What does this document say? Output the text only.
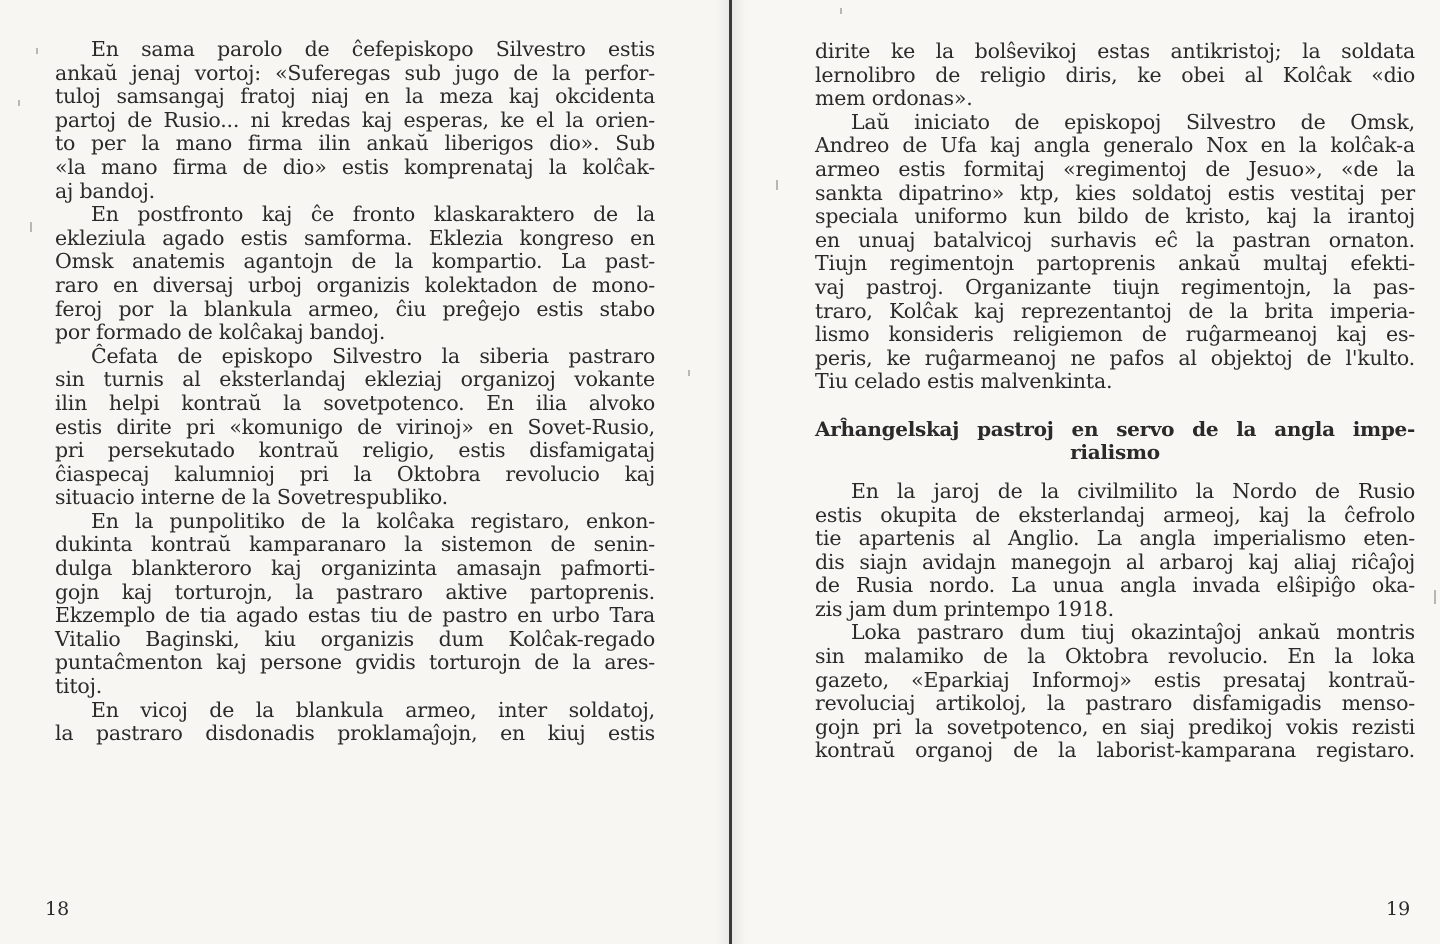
En sama parolo de ĉefepiskopo Silvestro estis
ankaŭ jenaj vortoj: «Suferegas sub jugo de la perfor-
tuloj samsangaj fratoj niaj en la meza kaj okcidenta
partoj de Rusio... ni kredas kaj esperas, ke el la orien-
to per la mano firma ilin ankaŭ liberigos dio». Sub
«la mano firma de dio» estis komprenataj la kolĉak-
aj bandoj.
En postfronto kaj ĉe fronto klaskaraktero de la
ekleziula agado estis samforma. Eklezia kongreso en
Omsk anatemis agantojn de la kompartio. La past-
raro en diversaj urboj organizis kolektadon de mono-
feroj por la blankula armeo, ĉiu preĝejo estis stabo
por formado de kolĉakaj bandoj.
Ĉefata de episkopo Silvestro la siberia pastraro
sin turnis al eksterlandaj ekleziaj organizoj vokante
ilin helpi kontraŭ la sovetpotenco. En ilia alvoko
estis dirite pri «komunigo de virinoj» en Sovet-Rusio,
pri persekutado kontraŭ religio, estis disfamigataj
ĉiaspecaj kalumnioj pri la Oktobra revolucio kaj
situacio interne de la Sovetrespubliko.
En la punpolitiko de la kolĉaka registaro, enkon-
dukinta kontraŭ kamparanaro la sistemon de senin-
dulga blankteroro kaj organizinta amasajn pafmorti-
gojn kaj torturojn, la pastraro aktive partoprenis.
Ekzemplo de tia agado estas tiu de pastro en urbo Tara
Vitalio Baginski, kiu organizis dum Kolĉak-regado
puntaĉmenton kaj persone gvidis torturojn de la ares-
titoj.
En vicoj de la blankula armeo, inter soldatoj,
la pastraro disdonadis proklamaĵojn, en kiuj estis
18
dirite ke la bolŝevikoj estas antikristoj; la soldata
lernolibro de religio diris, ke obei al Kolĉak «dio
mem ordonas».
Laŭ iniciato de episkopoj Silvestro de Omsk,
Andreo de Ufa kaj angla generalo Nox en la kolĉak-a
armeo estis formitaj «regimentoj de Jesuo», «de la
sankta dipatrino» ktp, kies soldatoj estis vestitaj per
speciala uniformo kun bildo de kristo, kaj la irantoj
en unuaj batalvicoj surhavis eĉ la pastran ornaton.
Tiujn regimentojn partoprenis ankaŭ multaj efekti-
vaj pastroj. Organizante tiujn regimentojn, la pas-
traro, Kolĉak kaj reprezentantoj de la brita imperia-
lismo konsideris religiemon de ruĝarmeanoj kaj es-
peris, ke ruĝarmeanoj ne pafos al objektoj de l'kulto.
Tiu celado estis malvenkinta.
Arĥangelskaj pastroj en servo de la angla impe-
rialismo
En la jaroj de la civilmilito la Nordo de Rusio
estis okupita de eksterlandaj armeoj, kaj la ĉefrolo
tie apartenis al Anglio. La angla imperialismo eten-
dis siajn avidajn manegojn al arbaroj kaj aliaj riĉaĵoj
de Rusia nordo. La unua angla invada elŝipiĝo oka-
zis jam dum printempo 1918.
Loka pastraro dum tiuj okazintaĵoj ankaŭ montris
sin malamiko de la Oktobra revolucio. En la loka
gazeto, «Eparkiaj Informoj» estis presataj kontraŭ-
revoluciaj artikoloj, la pastraro disfamigadis menso-
gojn pri la sovetpotenco, en siaj predikoj vokis rezisti
kontraŭ organoj de la laborist-kamparana registaro.
19
